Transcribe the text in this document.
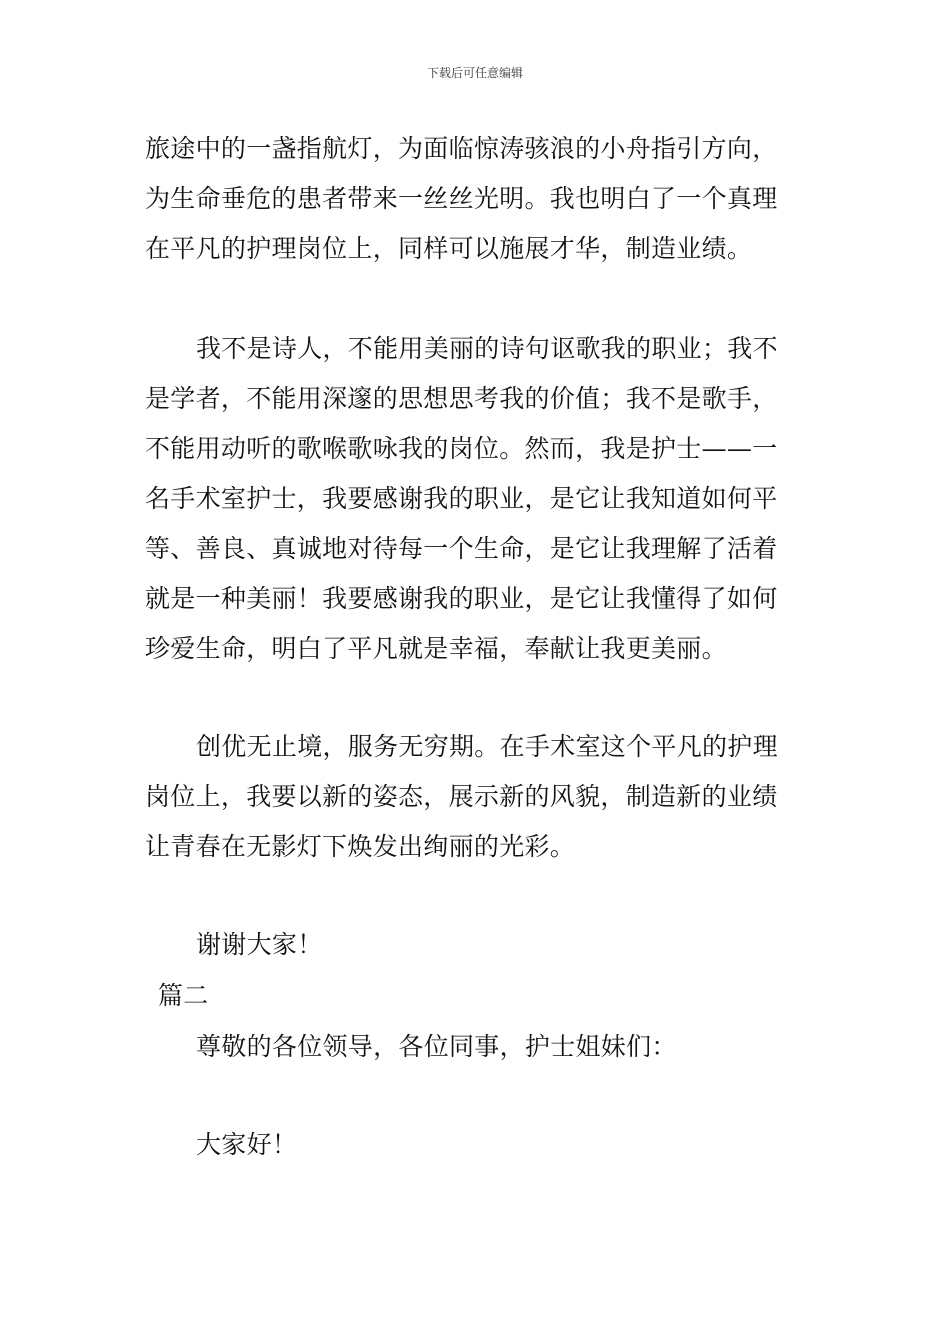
下载后可任意编辑
旅途中的一盏指航灯，为面临惊涛骇浪的小舟指引方向，
为生命垂危的患者带来一丝丝光明。我也明白了一个真理
在平凡的护理岗位上，同样可以施展才华，制造业绩。
我不是诗人，不能用美丽的诗句讴歌我的职业；我不
是学者，不能用深邃的思想思考我的价值；我不是歌手，
不能用动听的歌喉歌咏我的岗位。然而，我是护士——一
名手术室护士，我要感谢我的职业，是它让我知道如何平
等、善良、真诚地对待每一个生命，是它让我理解了活着
就是一种美丽！我要感谢我的职业，是它让我懂得了如何
珍爱生命，明白了平凡就是幸福，奉献让我更美丽。
创优无止境，服务无穷期。在手术室这个平凡的护理
岗位上，我要以新的姿态，展示新的风貌，制造新的业绩
让青春在无影灯下焕发出绚丽的光彩。
谢谢大家！
篇二
尊敬的各位领导，各位同事，护士姐妹们：
大家好！
